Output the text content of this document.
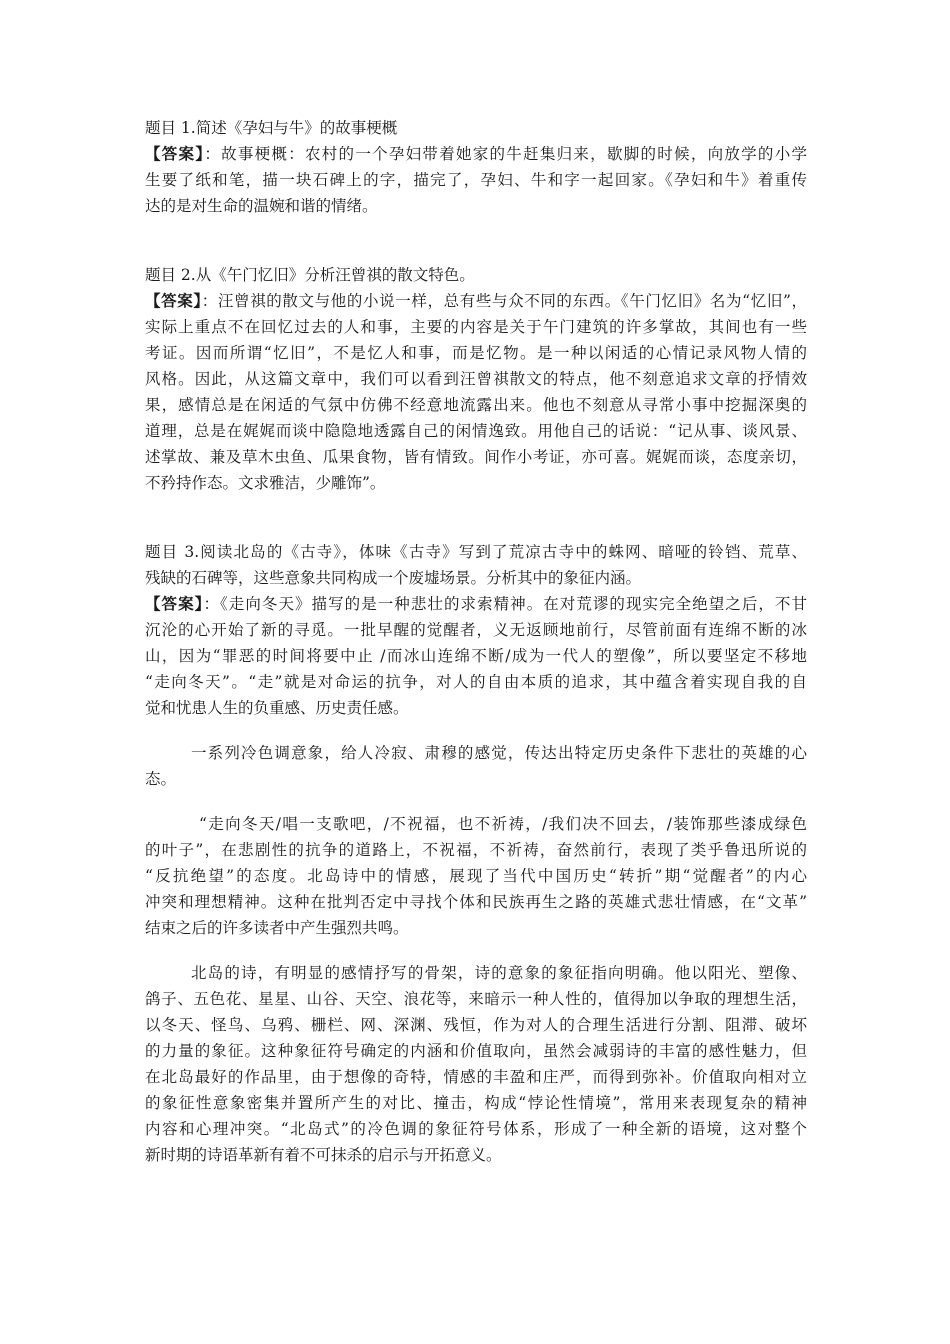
题目 1.简述《孕妇与牛》的故事梗概
【答案】：故事梗概：农村的一个孕妇带着她家的牛赶集归来，歇脚的时候，向放学的小学
生要了纸和笔，描一块石碑上的字，描完了，孕妇、牛和字一起回家。《孕妇和牛》着重传
达的是对生命的温婉和谐的情绪。
题目 2.从《午门忆旧》分析汪曾祺的散文特色。
【答案】：汪曾祺的散文与他的小说一样，总有些与众不同的东西。《午门忆旧》名为“忆旧”，
实际上重点不在回忆过去的人和事，主要的内容是关于午门建筑的许多掌故，其间也有一些
考证。因而所谓“忆旧”，不是忆人和事，而是忆物。是一种以闲适的心情记录风物人情的
风格。因此，从这篇文章中，我们可以看到汪曾祺散文的特点，他不刻意追求文章的抒情效
果，感情总是在闲适的气氛中仿佛不经意地流露出来。他也不刻意从寻常小事中挖掘深奥的
道理，总是在娓娓而谈中隐隐地透露自己的闲情逸致。用他自己的话说：“记从事、谈风景、
述掌故、兼及草木虫鱼、瓜果食物，皆有情致。间作小考证，亦可喜。娓娓而谈，态度亲切，
不矜持作态。文求雅洁，少雕饰”。
题目 3.阅读北岛的《古寺》，体味《古寺》写到了荒凉古寺中的蛛网、暗哑的铃铛、荒草、
残缺的石碑等，这些意象共同构成一个废墟场景。分析其中的象征内涵。
【答案】：《走向冬天》描写的是一种悲壮的求索精神。在对荒谬的现实完全绝望之后，不甘
沉沦的心开始了新的寻觅。一批早醒的觉醒者，义无返顾地前行，尽管前面有连绵不断的冰
山，因为“罪恶的时间将要中止 /而冰山连绵不断/成为一代人的塑像”，所以要坚定不移地
“走向冬天”。“走”就是对命运的抗争，对人的自由本质的追求，其中蕴含着实现自我的自
觉和忧患人生的负重感、历史责任感。
一系列冷色调意象，给人冷寂、肃穆的感觉，传达出特定历史条件下悲壮的英雄的心
态。
“走向冬天/唱一支歌吧，/不祝福，也不祈祷，/我们决不回去，/装饰那些漆成绿色
的叶子”，在悲剧性的抗争的道路上，不祝福，不祈祷，奋然前行，表现了类乎鲁迅所说的
“反抗绝望”的态度。北岛诗中的情感，展现了当代中国历史“转折”期“觉醒者”的内心
冲突和理想精神。这种在批判否定中寻找个体和民族再生之路的英雄式悲壮情感，在“文革”
结束之后的许多读者中产生强烈共鸣。
北岛的诗，有明显的感情抒写的骨架，诗的意象的象征指向明确。他以阳光、塑像、
鸽子、五色花、星星、山谷、天空、浪花等，来暗示一种人性的，值得加以争取的理想生活，
以冬天、怪鸟、乌鸦、栅栏、网、深渊、残恒，作为对人的合理生活进行分割、阻滞、破坏
的力量的象征。这种象征符号确定的内涵和价值取向，虽然会减弱诗的丰富的感性魅力，但
在北岛最好的作品里，由于想像的奇特，情感的丰盈和庄严，而得到弥补。价值取向相对立
的象征性意象密集并置所产生的对比、撞击，构成“悖论性情境”，常用来表现复杂的精神
内容和心理冲突。“北岛式”的冷色调的象征符号体系，形成了一种全新的语境，这对整个
新时期的诗语革新有着不可抹杀的启示与开拓意义。
